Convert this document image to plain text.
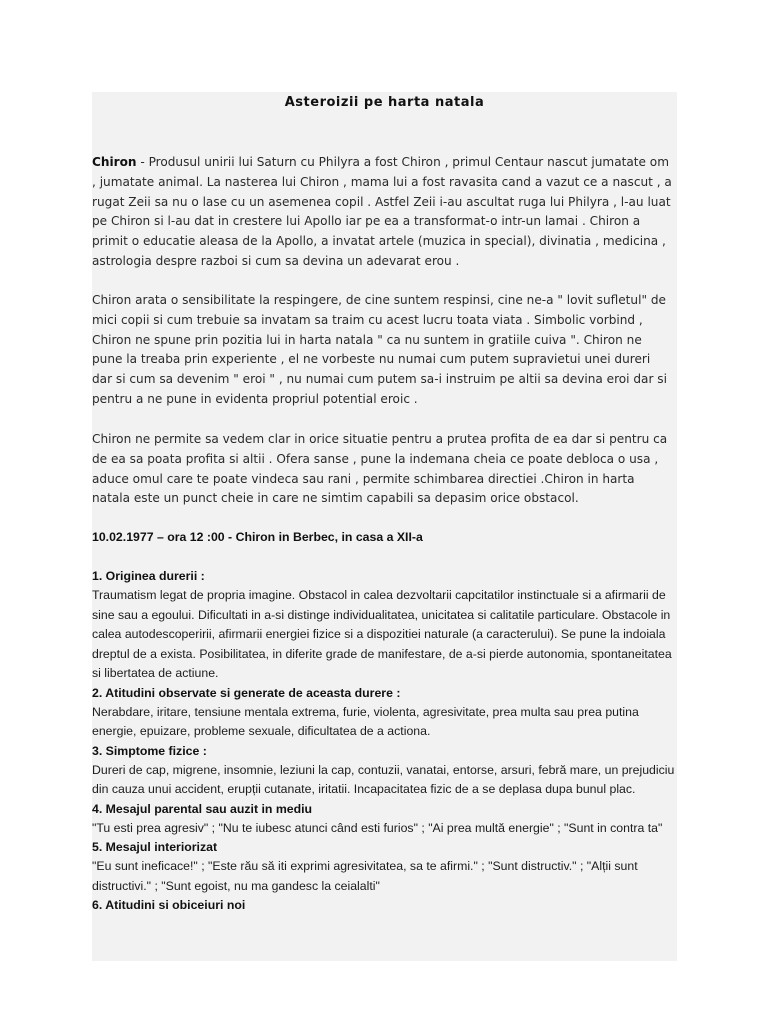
Asteroizii pe harta natala

Chiron - Produsul unirii lui Saturn cu Philyra a fost Chiron , primul Centaur nascut jumatate om , jumatate animal. La nasterea lui Chiron , mama lui a fost ravasita cand a vazut ce a nascut , a rugat Zeii sa nu o lase cu un asemenea copil . Astfel Zeii i-au ascultat ruga lui Philyra , l-au luat pe Chiron si l-au dat in crestere lui Apollo iar pe ea a transformat-o intr-un lamai . Chiron a primit o educatie aleasa de la Apollo, a invatat artele (muzica in special), divinatia , medicina , astrologia despre razboi si cum sa devina un adevarat erou .

Chiron arata o sensibilitate la respingere, de cine suntem respinsi, cine ne-a " lovit sufletul" de mici copii si cum trebuie sa invatam sa traim cu acest lucru toata viata . Simbolic vorbind , Chiron ne spune prin pozitia lui in harta natala " ca nu suntem in gratiile cuiva ". Chiron ne pune la treaba prin experiente , el ne vorbeste nu numai cum putem supravietui unei dureri dar si cum sa devenim " eroi " , nu numai cum putem sa-i instruim pe altii sa devina eroi dar si pentru a ne pune in evidenta propriul potential eroic .

Chiron ne permite sa vedem clar in orice situatie pentru a prutea profita de ea dar si pentru ca de ea sa poata profita si altii . Ofera sanse , pune la indemana cheia ce poate debloca o usa , aduce omul care te poate vindeca sau rani , permite schimbarea directiei .Chiron in harta natala este un punct cheie in care ne simtim capabili sa depasim orice obstacol.

10.02.1977 – ora 12 :00 - Chiron in Berbec, in casa a XII-a

1. Originea durerii :

Traumatism legat de propria imagine. Obstacol in calea dezvoltarii capcitatilor instinctuale si a afirmarii de sine sau a egoului. Dificultati in a-si distinge individualitatea, unicitatea si calitatile particulare. Obstacole in calea autodescoperirii, afirmarii energiei fizice si a dispozitiei naturale (a caracterului). Se pune la indoiala dreptul de a exista. Posibilitatea, in diferite grade de manifestare, de a-si pierde autonomia, spontaneitatea si libertatea de actiune.

2. Atitudini observate si generate de aceasta durere :

Nerabdare, iritare, tensiune mentala extrema, furie, violenta, agresivitate, prea multa sau prea putina energie, epuizare, probleme sexuale, dificultatea de a actiona.

3. Simptome fizice :

Dureri de cap, migrene, insomnie, leziuni la cap, contuzii, vanatai, entorse, arsuri, febră mare, un prejudiciu din cauza unui accident, erupții cutanate, iritatii. Incapacitatea fizic de a se deplasa dupa bunul plac.

4. Mesajul parental sau auzit in mediu

"Tu esti prea agresiv" ; "Nu te iubesc atunci când esti furios" ; "Ai prea multă energie" ; "Sunt in contra ta"

5. Mesajul interiorizat

"Eu sunt ineficace!" ; "Este rău să iti exprimi agresivitatea, sa te afirmi." ; "Sunt distructiv." ; "Alții sunt distructivi." ; "Sunt egoist, nu ma gandesc la ceialalti"

6. Atitudini si obiceiuri noi
